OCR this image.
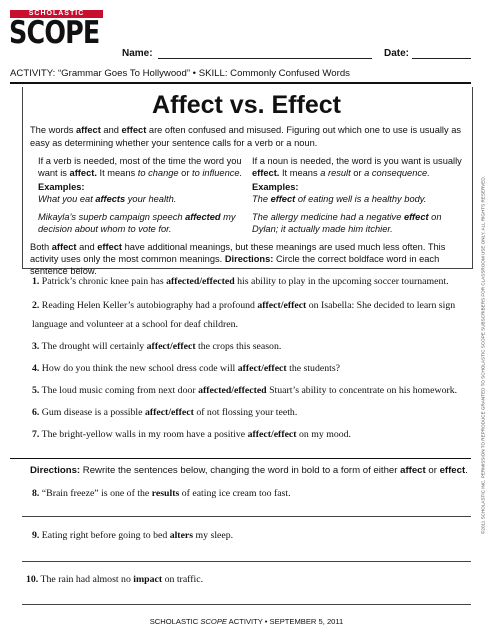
SCHOLASTIC
SCOPE
Name:	Date:
ACTIVITY: “Grammar Goes To Hollywood” • SKILL: Commonly Confused Words
Affect vs. Effect
The words affect and effect are often confused and misused. Figuring out which one to use is usually as easy as determining whether your sentence calls for a verb or a noun.

If a verb is needed, most of the time the word you want is affect. It means to change or to influence.

Examples:

What you eat affects your health.

Mikayla’s superb campaign speech affected my decision about whom to vote for.

If a noun is needed, the word is you want is usually effect. It means a result or a consequence.

Examples:

The effect of eating well is a healthy body.

The allergy medicine had a negative effect on Dylan; it actually made him itchier.

Both affect and effect have additional meanings, but these meanings are used much less often. This activity uses only the most common meanings. Directions: Circle the correct boldface word in each sentence below.
1. Patrick’s chronic knee pain has affected/effected his ability to play in the upcoming soccer tournament.
2. Reading Helen Keller’s autobiography had a profound affect/effect on Isabella: She decided to learn sign language and volunteer at a school for deaf children.
3. The drought will certainly affect/effect the crops this season.
4. How do you think the new school dress code will affect/effect the students?
5. The loud music coming from next door affected/effected Stuart’s ability to concentrate on his homework.
6. Gum disease is a possible affect/effect of not flossing your teeth.
7. The bright-yellow walls in my room have a positive affect/effect on my mood.
Directions: Rewrite the sentences below, changing the word in bold to a form of either affect or effect.
8. “Brain freeze” is one of the results of eating ice cream too fast.
9. Eating right before going to bed alters my sleep.
10. The rain had almost no impact on traffic.
©2011 SCHOLASTIC INC. PERMISSION TO REPRODUCE GRANTED TO SCHOLASTIC SCOPE SUBSCRIBERS FOR CLASSROOM USE ONLY. ALL RIGHTS RESERVED.
SCHOLASTIC SCOPE ACTIVITY • SEPTEMBER 5, 2011
